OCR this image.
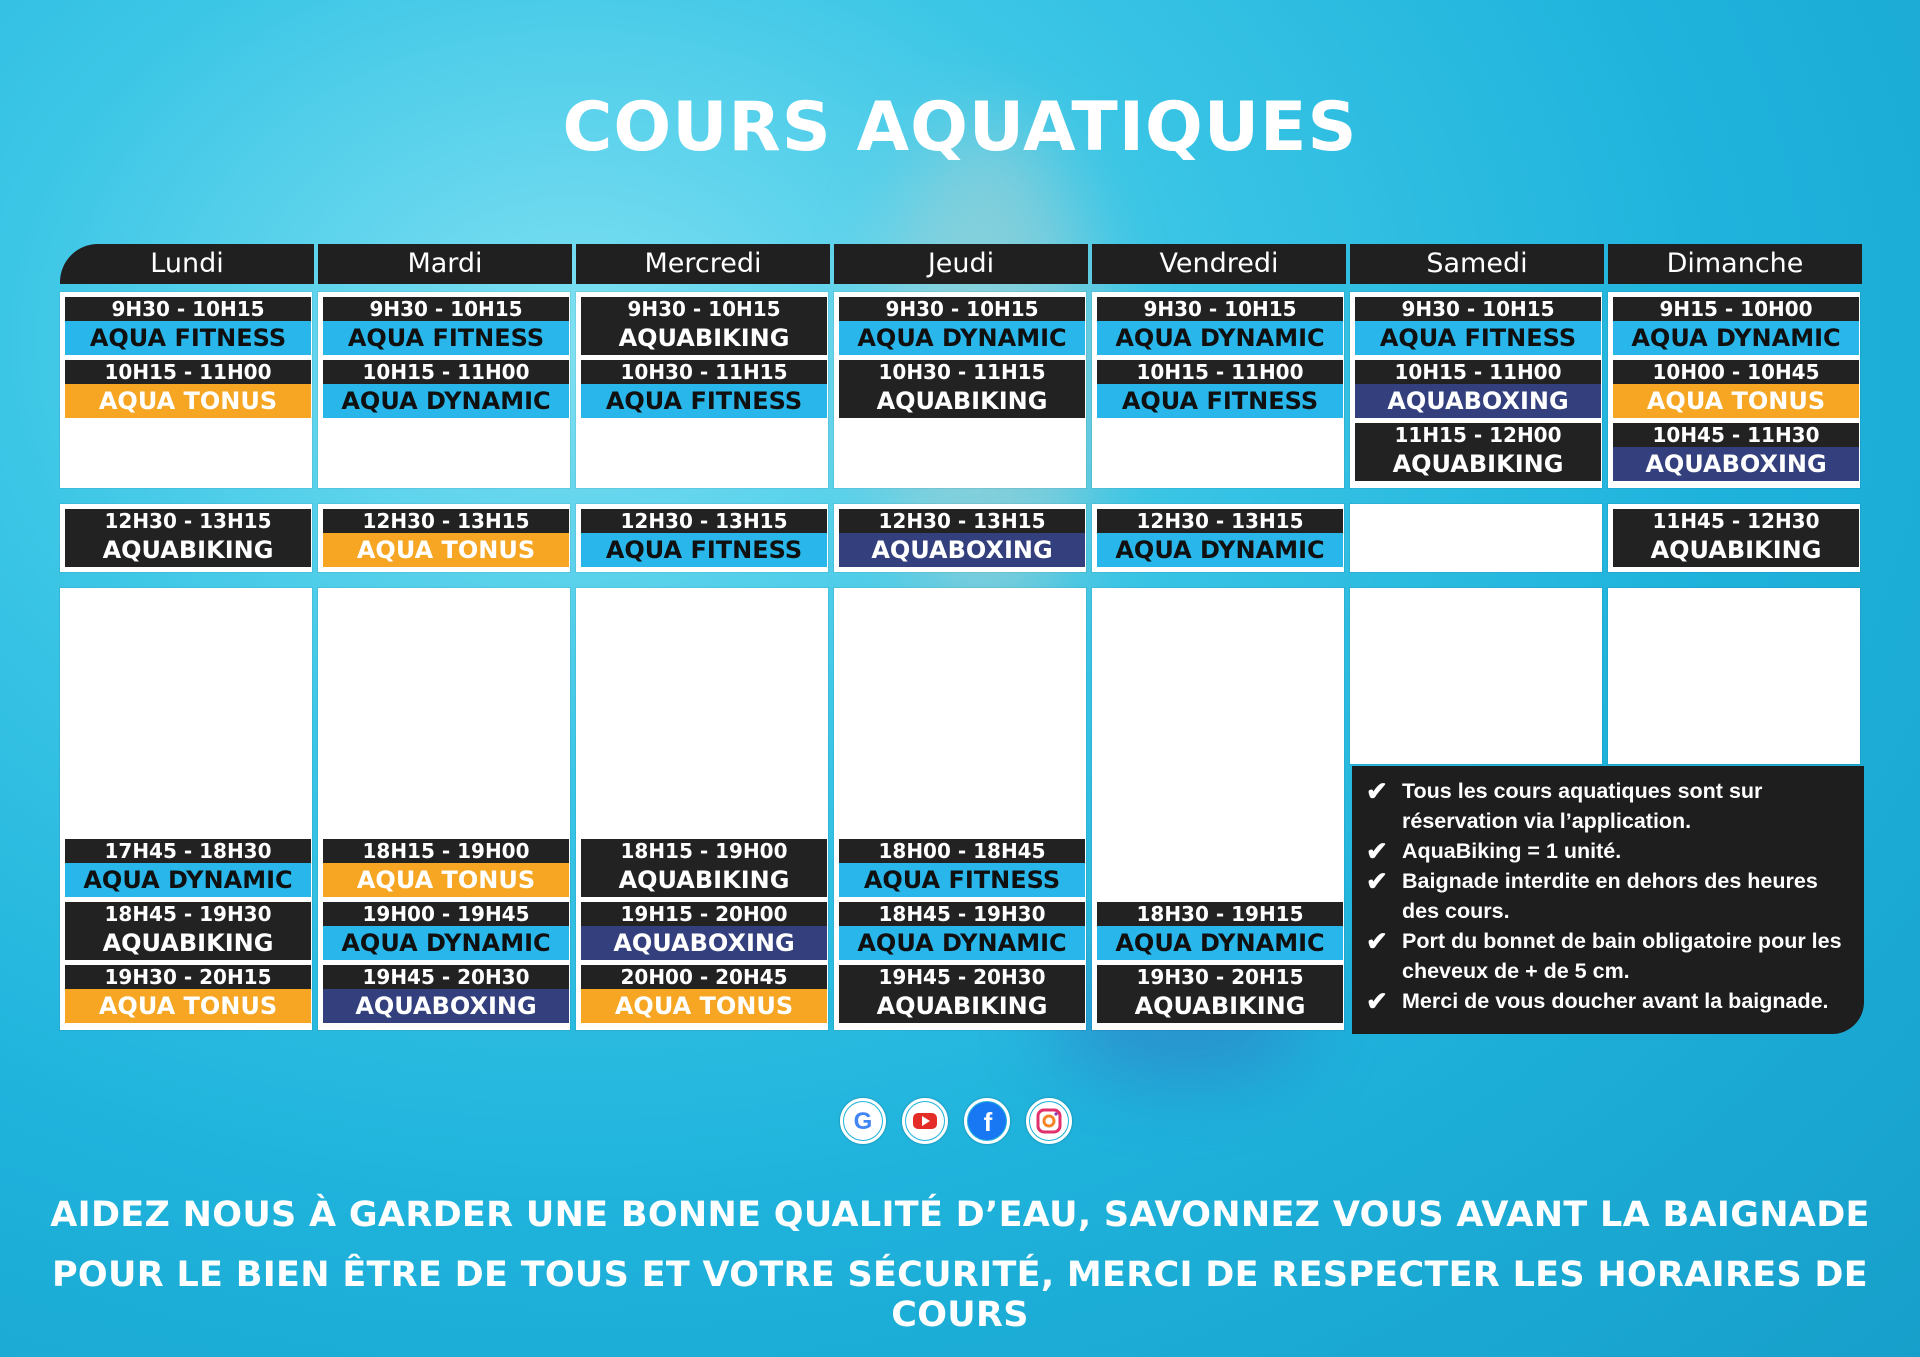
COURS AQUATIQUES
Lundi
9H30 - 10H15
AQUA FITNESS
10H15 - 11H00
AQUA TONUS
12H30 - 13H15
AQUABIKING
17H45 - 18H30
AQUA DYNAMIC
18H45 - 19H30
AQUABIKING
19H30 - 20H15
AQUA TONUS
Mardi
9H30 - 10H15
AQUA FITNESS
10H15 - 11H00
AQUA DYNAMIC
12H30 - 13H15
AQUA TONUS
18H15 - 19H00
AQUA TONUS
19H00 - 19H45
AQUA DYNAMIC
19H45 - 20H30
AQUABOXING
Mercredi
9H30 - 10H15
AQUABIKING
10H30 - 11H15
AQUA FITNESS
12H30 - 13H15
AQUA FITNESS
18H15 - 19H00
AQUABIKING
19H15 - 20H00
AQUABOXING
20H00 - 20H45
AQUA TONUS
Jeudi
9H30 - 10H15
AQUA DYNAMIC
10H30 - 11H15
AQUABIKING
12H30 - 13H15
AQUABOXING
18H00 - 18H45
AQUA FITNESS
18H45 - 19H30
AQUA DYNAMIC
19H45 - 20H30
AQUABIKING
Vendredi
9H30 - 10H15
AQUA DYNAMIC
10H15 - 11H00
AQUA FITNESS
12H30 - 13H15
AQUA DYNAMIC
18H30 - 19H15
AQUA DYNAMIC
19H30 - 20H15
AQUABIKING
Samedi
9H30 - 10H15
AQUA FITNESS
10H15 - 11H00
AQUABOXING
11H15 - 12H00
AQUABIKING
Dimanche
9H15 - 10H00
AQUA DYNAMIC
10H00 - 10H45
AQUA TONUS
10H45 - 11H30
AQUABOXING
11H45 - 12H30
AQUABIKING
✔ Tous les cours aquatiques sont sur réservation via l’application.
✔ AquaBiking = 1 unité.
✔ Baignade interdite en dehors des heures des cours.
✔ Port du bonnet de bain obligatoire pour les cheveux de + de 5 cm.
✔ Merci de vous doucher avant la baignade.
G	f
AIDEZ NOUS À GARDER UNE BONNE QUALITÉ D’EAU, SAVONNEZ VOUS AVANT LA BAIGNADE
POUR LE BIEN ÊTRE DE TOUS ET VOTRE SÉCURITÉ, MERCI DE RESPECTER LES HORAIRES DE COURS
